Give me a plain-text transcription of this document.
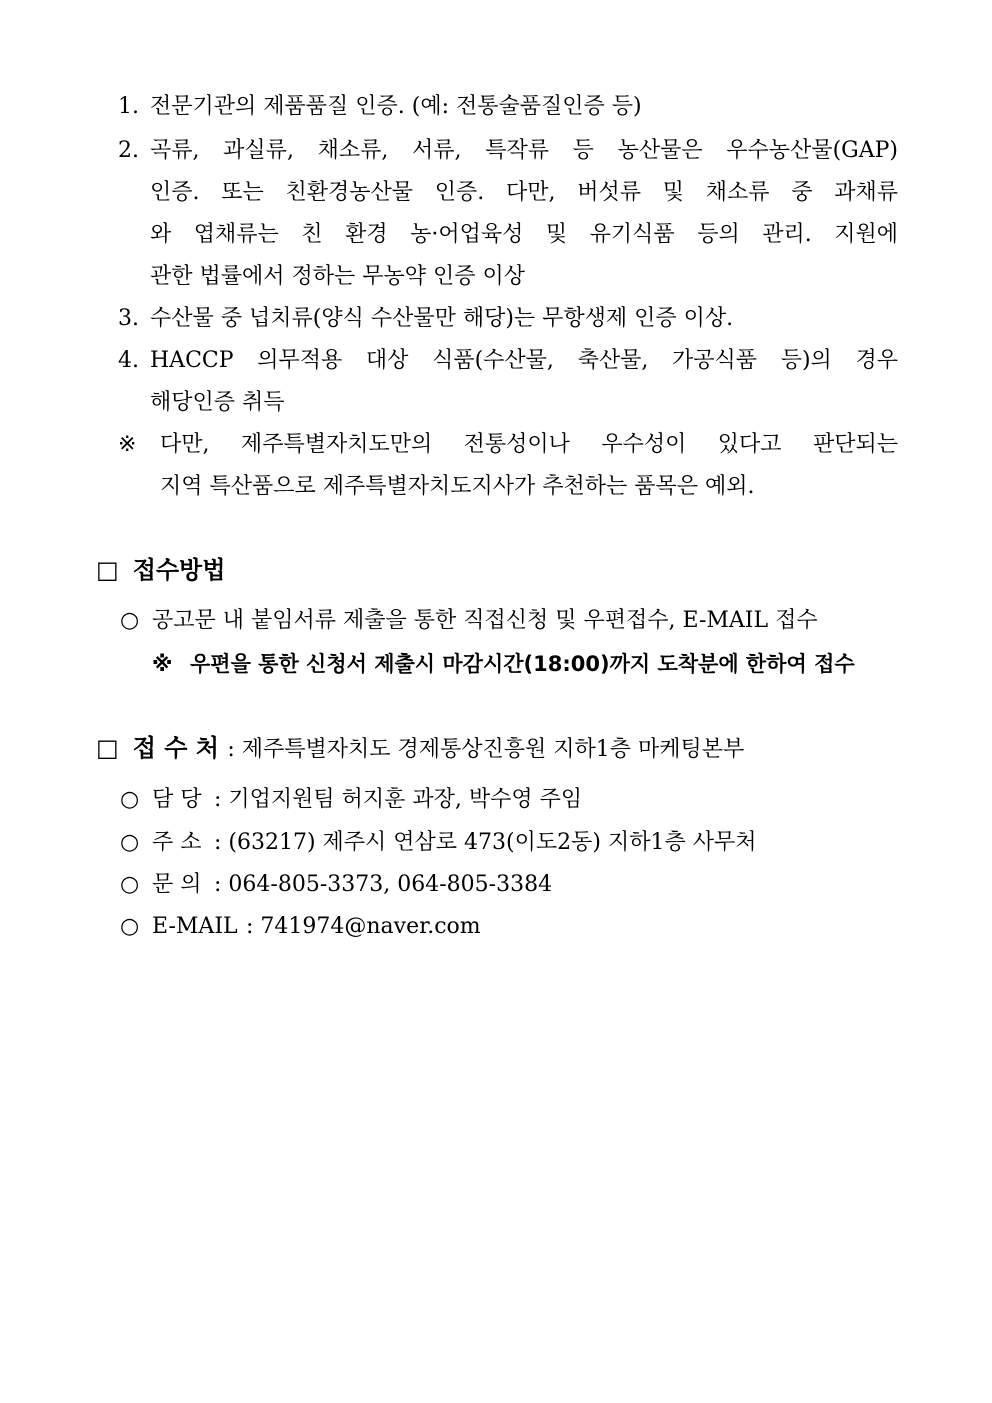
1. 전문기관의 제품품질 인증. (예: 전통술품질인증 등)
2. 곡류, 과실류, 채소류, 서류, 특작류 등 농산물은 우수농산물(GAP)
인증. 또는 친환경농산물 인증. 다만, 버섯류 및 채소류 중 과채류
와 엽채류는 친 환경 농·어업육성 및 유기식품 등의 관리. 지원에
관한 법률에서 정하는 무농약 인증 이상
3. 수산물 중 넙치류(양식 수산물만 해당)는 무항생제 인증 이상.
4. HACCP 의무적용 대상 식품(수산물, 축산물, 가공식품 등)의 경우
해당인증 취득
※ 다만, 제주특별자치도만의 전통성이나 우수성이 있다고 판단되는
지역 특산품으로 제주특별자치도지사가 추천하는 품목은 예외.
□ 접수방법
○ 공고문 내 붙임서류 제출을 통한 직접신청 및 우편접수, E-MAIL 접수
※ 우편을 통한 신청서 제출시 마감시간(18:00)까지 도착분에 한하여 접수
□ 접 수 처 : 제주특별자치도 경제통상진흥원 지하1층 마케팅본부
○ 담 당 : 기업지원팀 허지훈 과장, 박수영 주임
○ 주 소 : (63217) 제주시 연삼로 473(이도2동) 지하1층 사무처
○ 문 의 : 064-805-3373, 064-805-3384
○ E-MAIL : 741974@naver.com
